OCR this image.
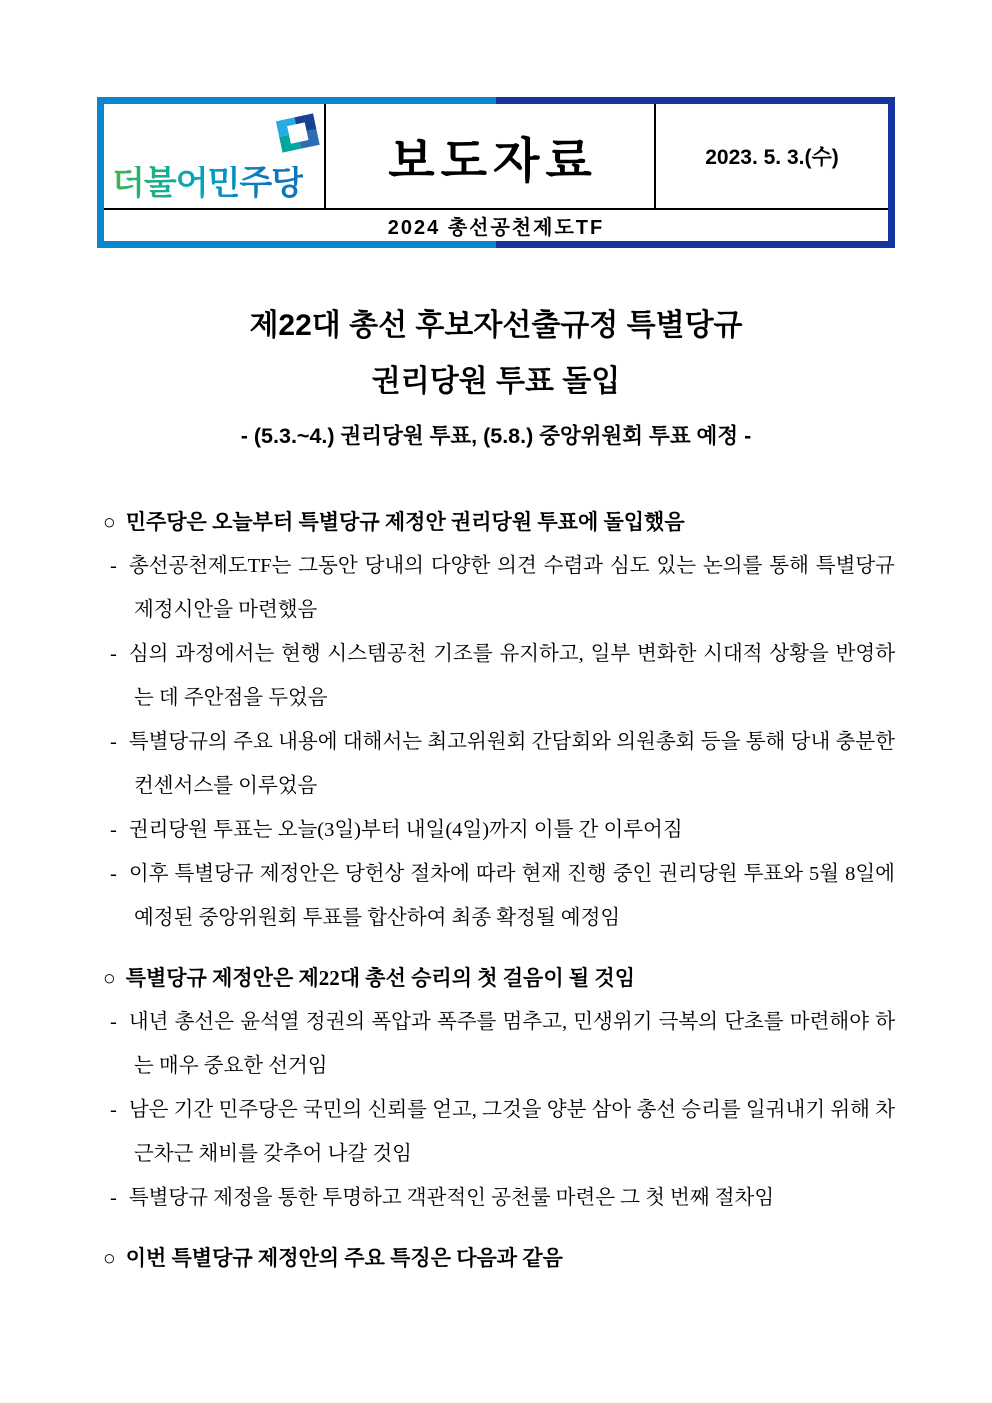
더불어민주당 보도자료	2023. 5. 3.(수)
2024 총선공천제도TF
제22대 총선 후보자선출규정 특별당규
권리당원 투표 돌입
- (5.3.~4.) 권리당원 투표, (5.8.) 중앙위원회 투표 예정 -

○ 민주당은 오늘부터 특별당규 제정안 권리당원 투표에 돌입했음

- 총선공천제도TF는 그동안 당내의 다양한 의견 수렴과 심도 있는 논의를 통해 특별당규 제정시안을 마련했음

- 심의 과정에서는 현행 시스템공천 기조를 유지하고, 일부 변화한 시대적 상황을 반영하는 데 주안점을 두었음

- 특별당규의 주요 내용에 대해서는 최고위원회 간담회와 의원총회 등을 통해 당내 충분한 컨센서스를 이루었음

- 권리당원 투표는 오늘(3일)부터 내일(4일)까지 이틀 간 이루어짐

- 이후 특별당규 제정안은 당헌상 절차에 따라 현재 진행 중인 권리당원 투표와 5월 8일에 예정된 중앙위원회 투표를 합산하여 최종 확정될 예정임

○ 특별당규 제정안은 제22대 총선 승리의 첫 걸음이 될 것임

- 내년 총선은 윤석열 정권의 폭압과 폭주를 멈추고, 민생위기 극복의 단초를 마련해야 하는 매우 중요한 선거임

- 남은 기간 민주당은 국민의 신뢰를 얻고, 그것을 양분 삼아 총선 승리를 일궈내기 위해 차근차근 채비를 갖추어 나갈 것임

- 특별당규 제정을 통한 투명하고 객관적인 공천룰 마련은 그 첫 번째 절차임

○ 이번 특별당규 제정안의 주요 특징은 다음과 같음
